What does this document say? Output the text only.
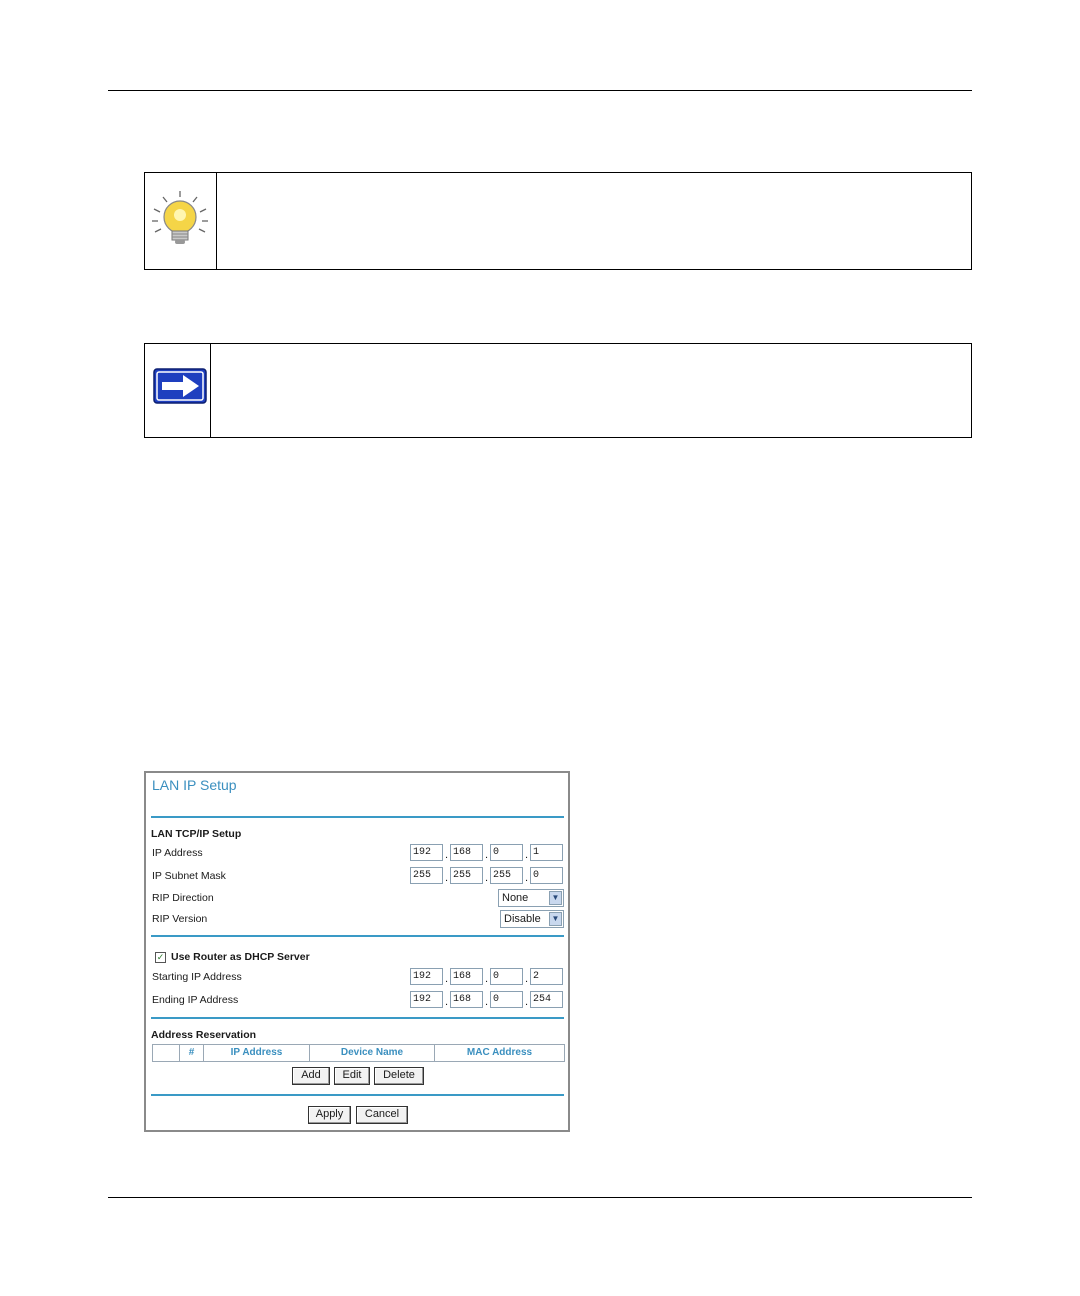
LAN IP Setup
LAN TCP/IP Setup
IP Address	192	. 168	. 0	. 1
IP Subnet Mask	255	. 255	. 255	. 0
RIP Direction	None	▼
RIP Version	Disable	▼
✓ Use Router as DHCP Server
Starting IP Address	192	. 168	. 0	. 2
Ending IP Address	192	. 168	. 0	. 254
Address Reservation
#	IP Address	Device Name	MAC Address
Add	Edit	Delete
Apply	Cancel
